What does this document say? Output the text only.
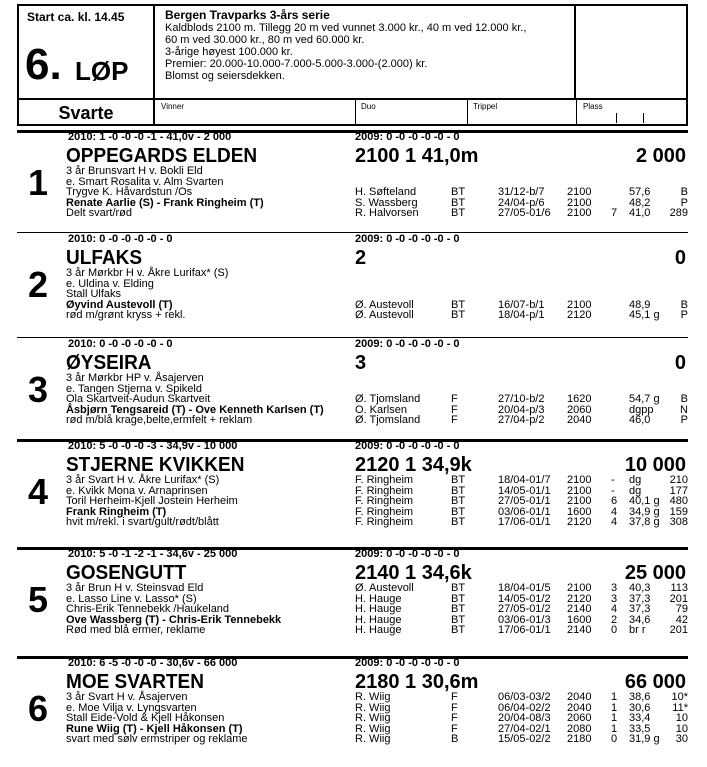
Start ca. kl. 14.45
6. LØP
Svarte
Bergen Travparks 3-års serie
Kaldblods 2100 m. Tillegg 20 m ved vunnet 3.000 kr., 40 m ved 12.000 kr.,
60 m ved 30.000 kr., 80 m ved 60.000 kr.
3-årige høyest 100.000 kr.
Premier: 20.000-10.000-7.000-5.000-3.000-(2.000) kr.
Blomst og seiersdekken.
Vinner	Duo	Trippel	Plass
2010: 1 -0 -0 -0 -1 - 41,0v - 2 000	2009: 0 -0 -0 -0 -0 - 0
1
OPPEGARDS ELDEN	2100 1 41,0m	2 000
3 år Brunsvart H v. Bokli Eld
e. Smart Rosalita v. Alm Svarten
Trygve K. Håvardstun /Os
Renate Aarlie (S) - Frank Ringheim (T)
Delt svart/rød
H. Søfteland	BT	31/12-b/7 2100	57,6	B
S. Wassberg	BT	24/04-p/6 2100	48,2	P
R. Halvorsen	BT	27/05-01/6 2100 7 41,0 289
2010: 0 -0 -0 -0 -0 - 0	2009: 0 -0 -0 -0 -0 - 0
2
ULFAKS	2	0
3 år Mørkbr H v. Åkre Lurifax* (S)
e. Uldina v. Elding
Stall Ulfaks
Øyvind Austevoll (T)
rød m/grønt kryss + rekl.
Ø. Austevoll	BT	16/07-b/1 2100	48,9	B
Ø. Austevoll	BT	18/04-p/1 2120	45,1 g P
2010: 0 -0 -0 -0 -0 - 0	2009: 0 -0 -0 -0 -0 - 0
3
ØYSEIRA	3	0
3 år Mørkbr HP v. Åsajerven
e. Tangen Stjerna v. Spikeld
Ola Skartveit-Audun Skartveit
Åsbjørn Tengsareid (T) - Ove Kenneth Karlsen (T)
rød m/blå krage,belte,ermfelt + reklam
Ø. Tjomsland	F	27/10-b/2 1620	54,7 g B
O. Karlsen	F	20/04-p/3 2060	dgpp N
Ø. Tjomsland	F	27/04-p/2 2040	46,0	P
2010: 5 -0 -0 -0 -3 - 34,9v - 10 000	2009: 0 -0 -0 -0 -0 - 0
4
STJERNE KVIKKEN	2120 1 34,9k	10 000
3 år Svart H v. Åkre Lurifax* (S)
e. Kvikk Mona v. Arnaprinsen
Toril Herheim-Kjell Jostein Herheim
Frank Ringheim (T)
hvit m/rekl. i svart/gult/rødt/blått
F. Ringheim	BT	18/04-01/7 2100 - dg	210
F. Ringheim	BT	14/05-01/1 2100 - dg	177
F. Ringheim	BT	27/05-01/1 2100 6 40,1 g 480
F. Ringheim	BT	03/06-01/1 1600 4 34,9 g 159
F. Ringheim	BT	17/06-01/1 2120 4 37,8 g 308
2010: 5 -0 -1 -2 -1 - 34,6v - 25 000	2009: 0 -0 -0 -0 -0 - 0
5
GOSENGUTT	2140 1 34,6k	25 000
3 år Brun H v. Steinsvad Eld
e. Lasso Line v. Lasso* (S)
Chris-Erik Tennebekk /Haukeland
Ove Wassberg (T) - Chris-Erik Tennebekk
Rød med blå ermer, reklame
Ø. Austevoll	BT	18/04-01/5 2100 3 40,3 113
H. Hauge	BT	14/05-01/2 2120 3 37,3 201
H. Hauge	BT	27/05-01/2 2140 4 37,3 79
H. Hauge	BT	03/06-01/3 1600 2 34,6 42
H. Hauge	BT	17/06-01/1 2140 0 br r 201
2010: 6 -5 -0 -0 -0 - 30,6v - 66 000	2009: 0 -0 -0 -0 -0 - 0
6
MOE SVARTEN	2180 1 30,6m	66 000
3 år Svart H v. Åsajerven
e. Moe Vilja v. Lyngsvarten
Stall Eide-Vold & Kjell Håkonsen
Rune Wiig (T) - Kjell Håkonsen (T)
svart med sølv ermstriper og reklame
R. Wiig	F	06/03-03/2 2040 1 38,6 10*
R. Wiig	F	06/04-02/2 2040 1 30,6 11*
R. Wiig	F	20/04-08/3 2060 1 33,4 10
R. Wiig	F	27/04-02/1 2080 1 33,5 10
R. Wiig	B	15/05-02/2 2180 0 31,9 g 30
